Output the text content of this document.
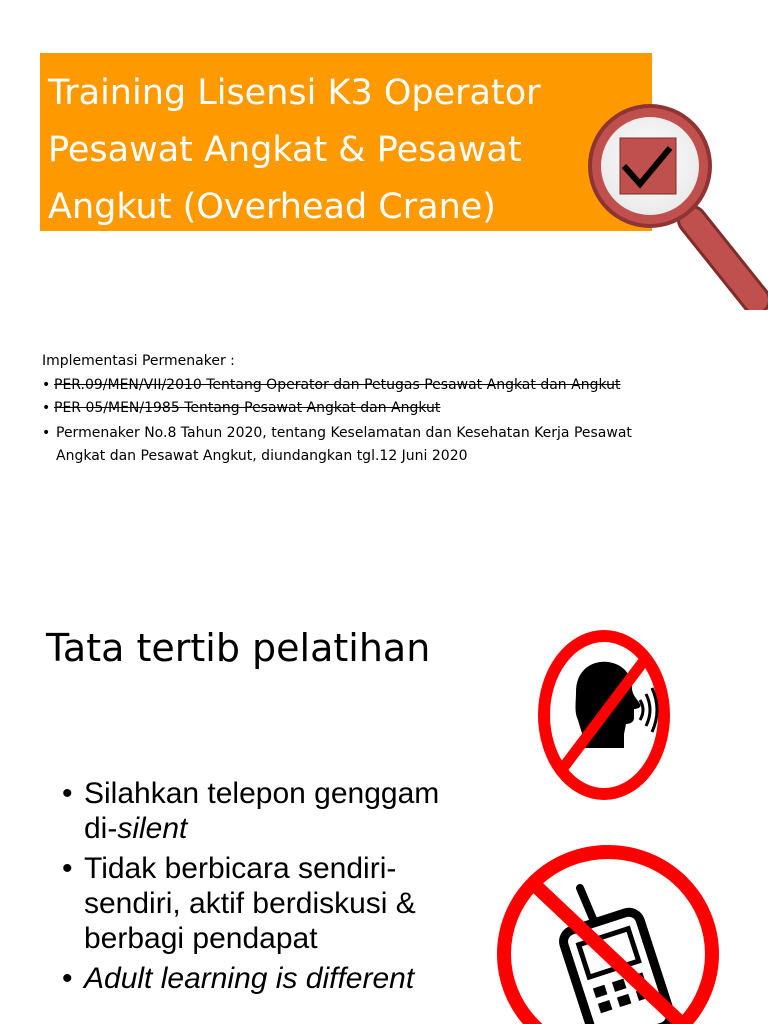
Training Lisensi K3 Operator
Pesawat Angkat & Pesawat
Angkut (Overhead Crane)
Implementasi Permenaker :
• PER.09/MEN/VII/2010 Tentang Operator dan Petugas Pesawat Angkat dan Angkut
• PER 05/MEN/1985 Tentang Pesawat Angkat dan Angkut
• Permenaker No.8 Tahun 2020, tentang Keselamatan dan Kesehatan Kerja Pesawat
Angkat dan Pesawat Angkut, diundangkan tgl.12 Juni 2020
Tata tertib pelatihan
• Silahkan telepon genggam
di-silent
• Tidak berbicara sendiri-
sendiri, aktif berdiskusi &
berbagi pendapat
• Adult learning is different
